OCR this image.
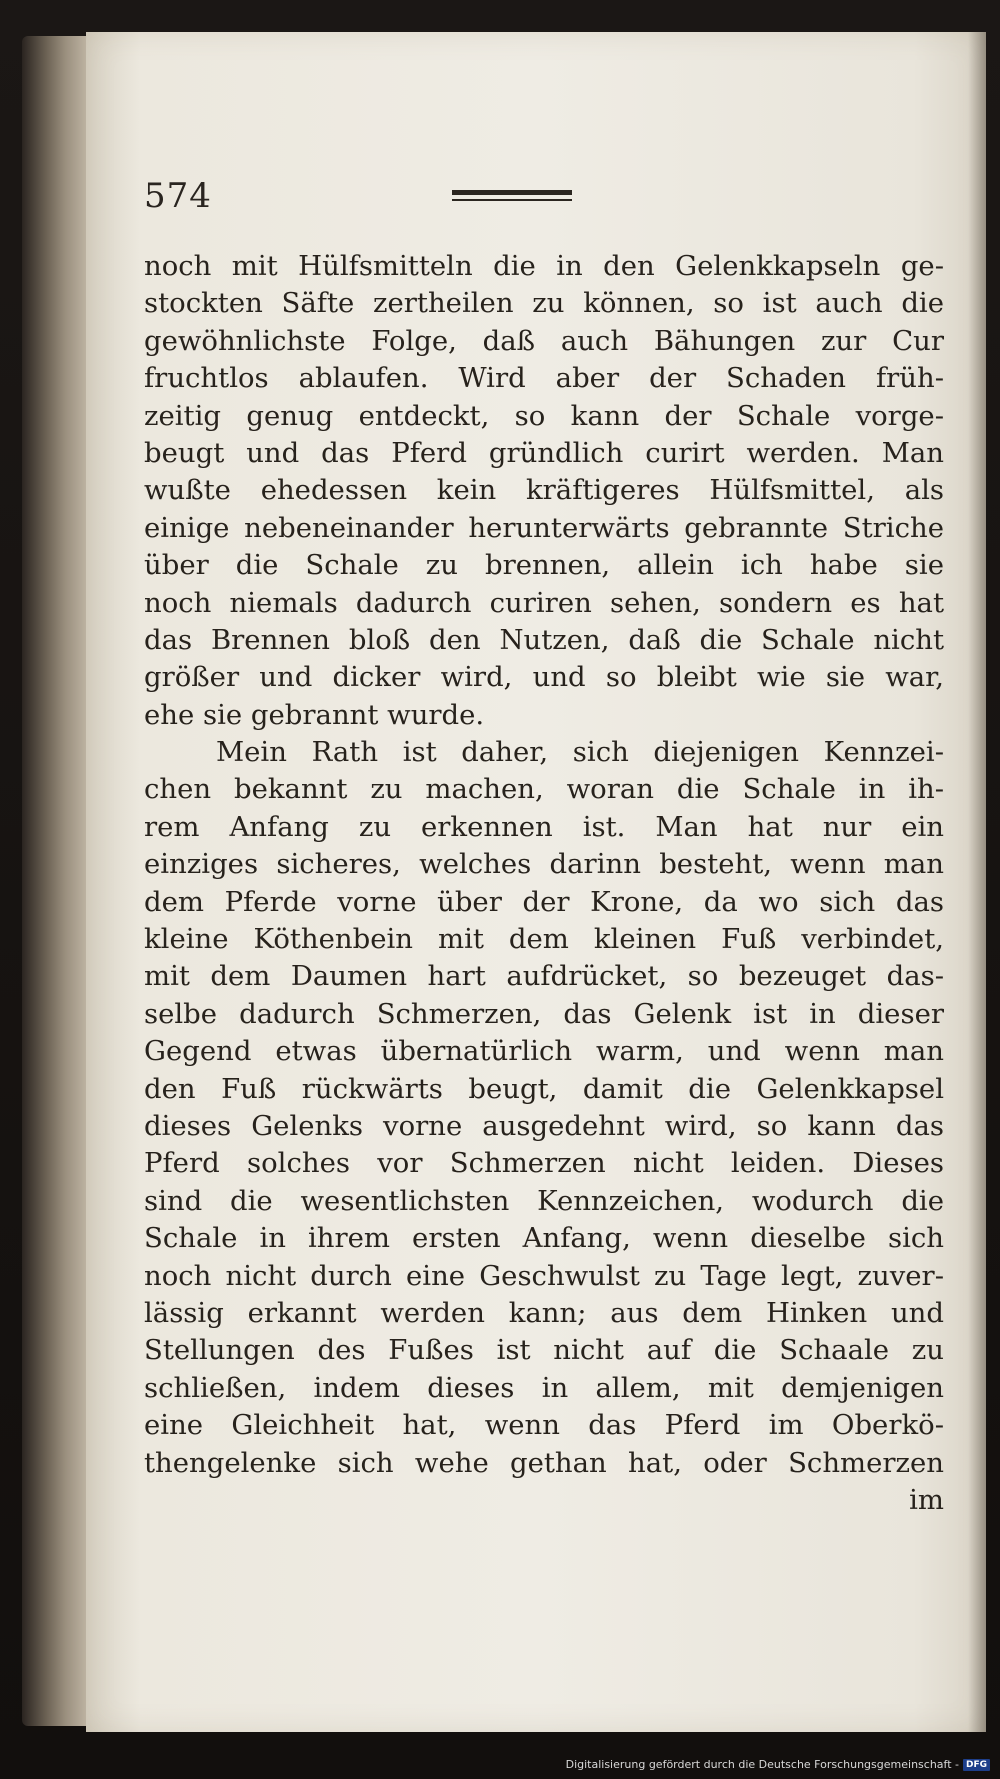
574
noch mit Hülfsmitteln die in den Gelenkkapseln ge-
stockten Säfte zertheilen zu können, so ist auch die
gewöhnlichste Folge, daß auch Bähungen zur Cur
fruchtlos ablaufen. Wird aber der Schaden früh-
zeitig genug entdeckt, so kann der Schale vorge-
beugt und das Pferd gründlich curirt werden. Man
wußte ehedessen kein kräftigeres Hülfsmittel, als
einige nebeneinander herunterwärts gebrannte Striche
über die Schale zu brennen, allein ich habe sie
noch niemals dadurch curiren sehen, sondern es hat
das Brennen bloß den Nutzen, daß die Schale nicht
größer und dicker wird, und so bleibt wie sie war,
ehe sie gebrannt wurde.
Mein Rath ist daher, sich diejenigen Kennzei-
chen bekannt zu machen, woran die Schale in ih-
rem Anfang zu erkennen ist. Man hat nur ein
einziges sicheres, welches darinn besteht, wenn man
dem Pferde vorne über der Krone, da wo sich das
kleine Köthenbein mit dem kleinen Fuß verbindet,
mit dem Daumen hart aufdrücket, so bezeuget das-
selbe dadurch Schmerzen, das Gelenk ist in dieser
Gegend etwas übernatürlich warm, und wenn man
den Fuß rückwärts beugt, damit die Gelenkkapsel
dieses Gelenks vorne ausgedehnt wird, so kann das
Pferd solches vor Schmerzen nicht leiden. Dieses
sind die wesentlichsten Kennzeichen, wodurch die
Schale in ihrem ersten Anfang, wenn dieselbe sich
noch nicht durch eine Geschwulst zu Tage legt, zuver-
lässig erkannt werden kann; aus dem Hinken und
Stellungen des Fußes ist nicht auf die Schaale zu
schließen, indem dieses in allem, mit demjenigen
eine Gleichheit hat, wenn das Pferd im Oberkö-
thengelenke sich wehe gethan hat, oder Schmerzen
im
Digitalisierung gefördert durch die Deutsche Forschungsgemeinschaft - DFG
